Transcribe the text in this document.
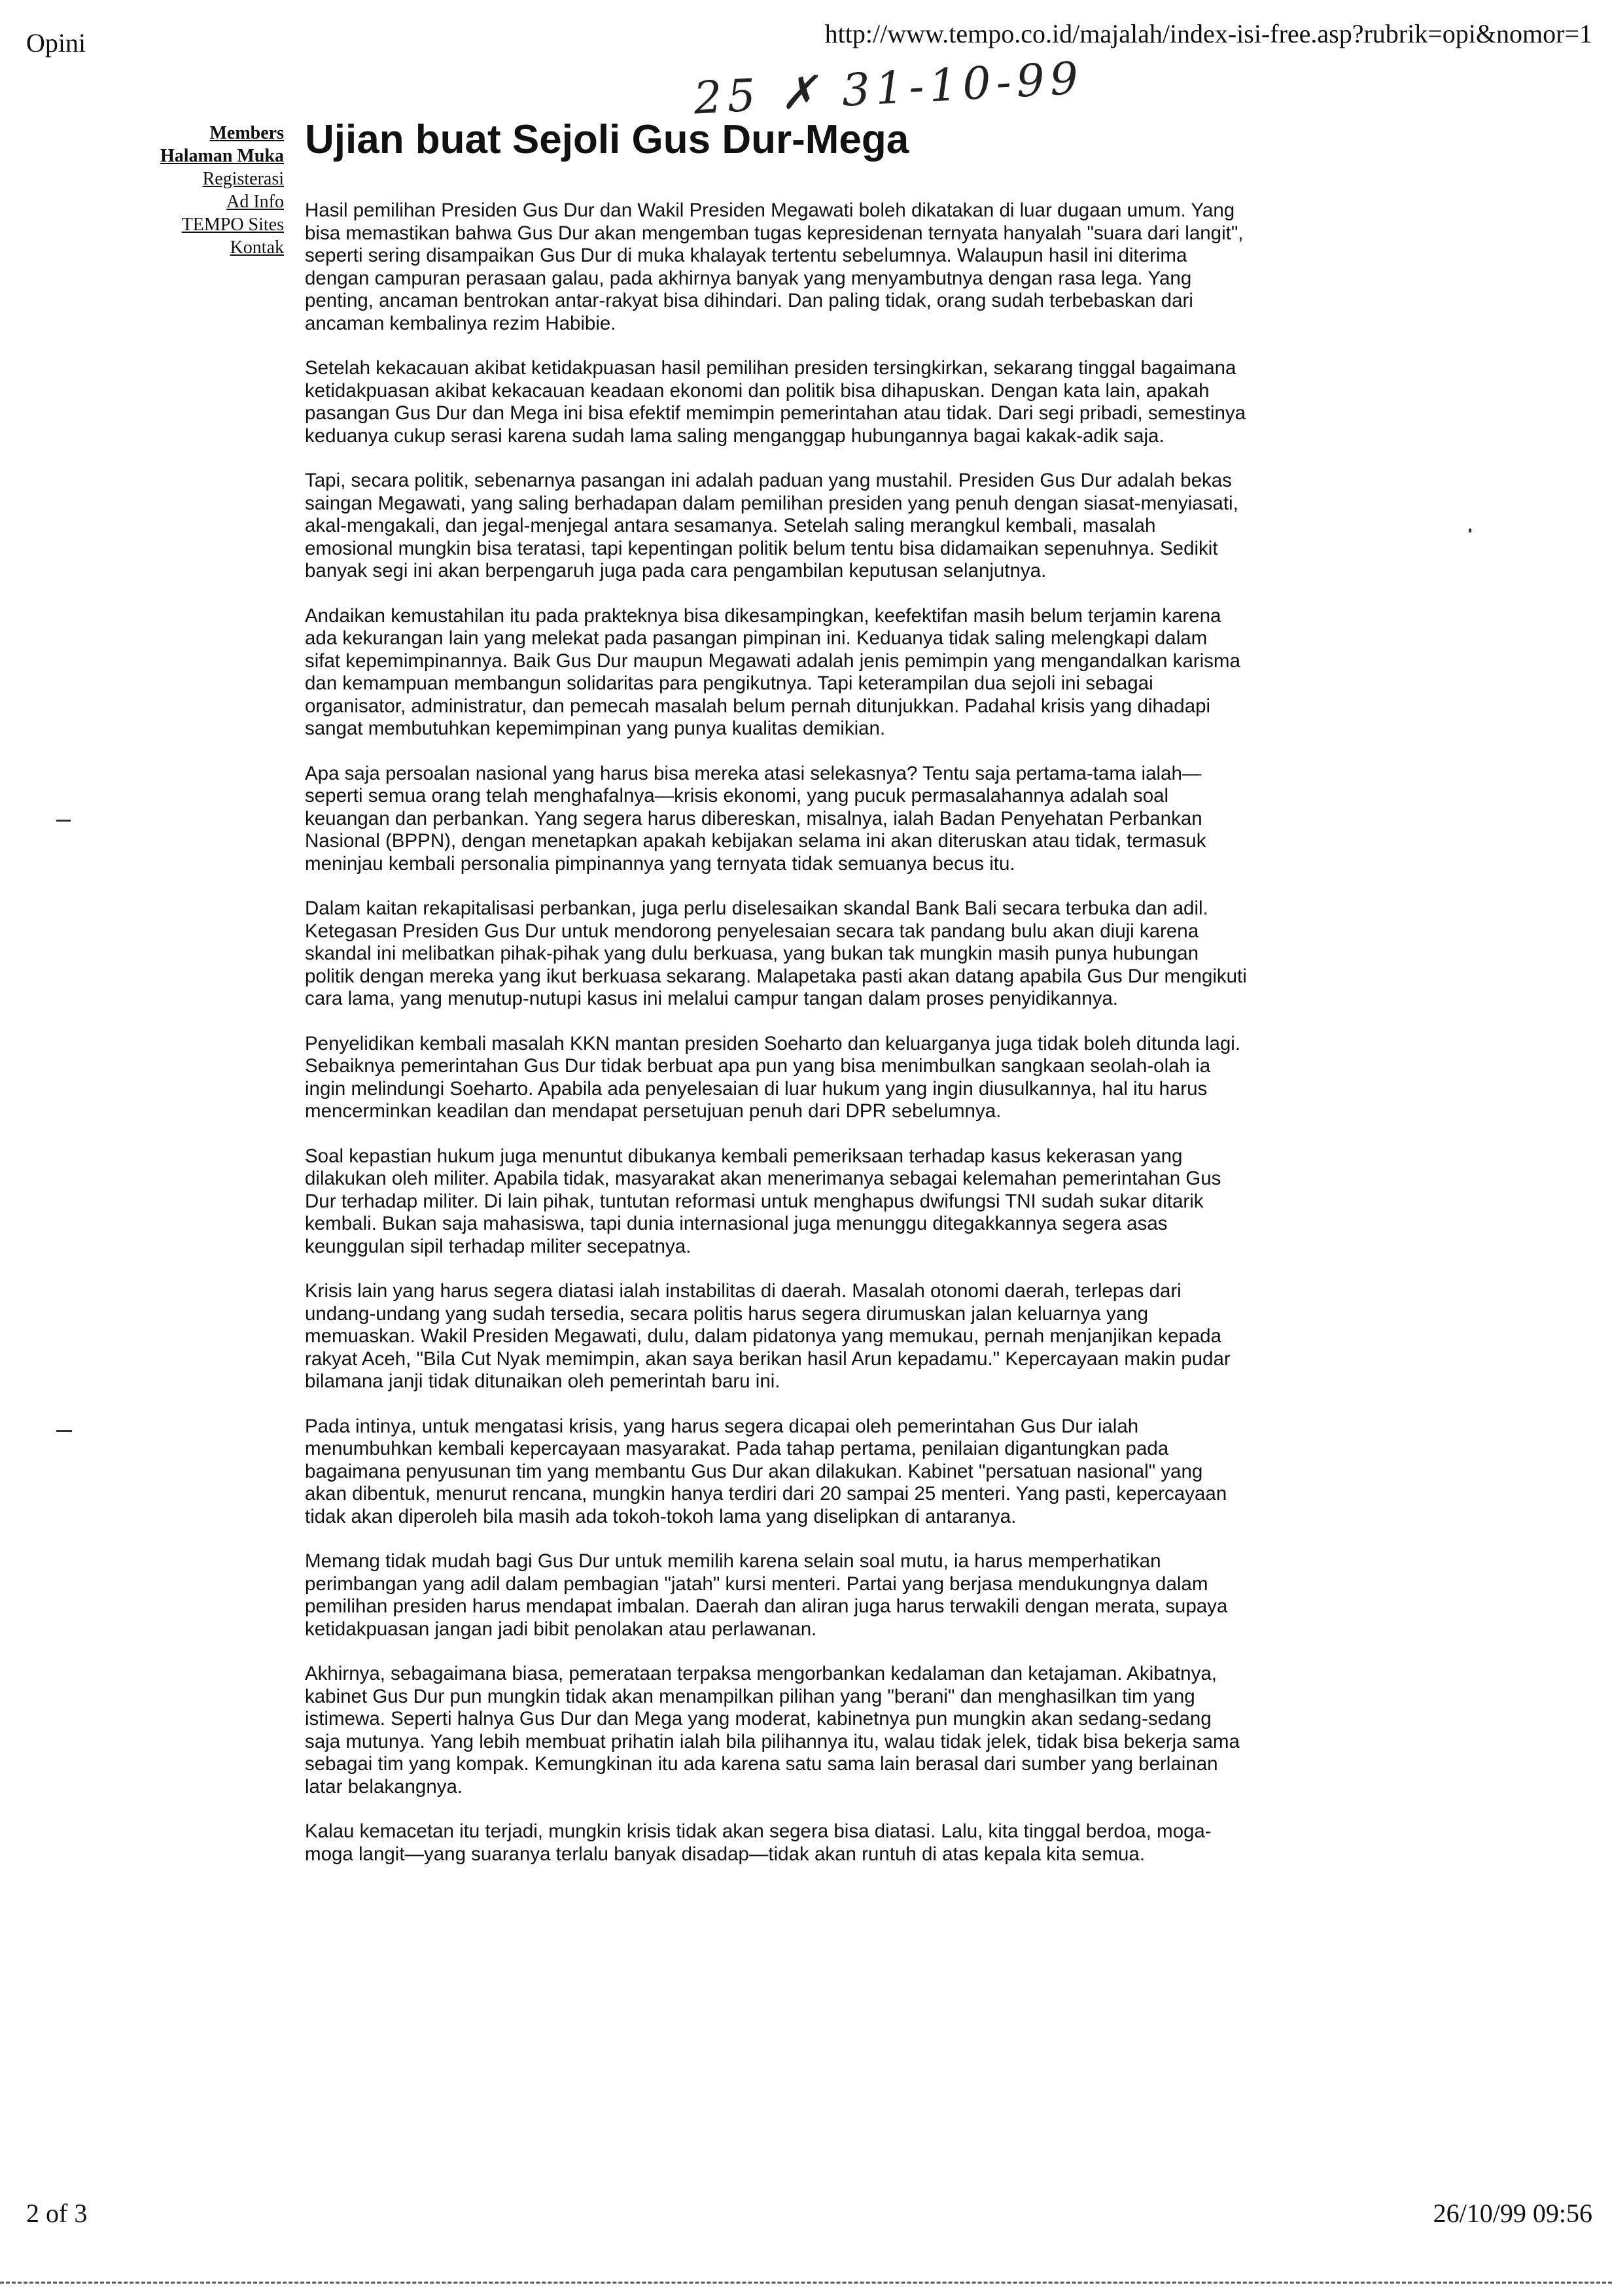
Opini	http://www.tempo.co.id/majalah/index-isi-free.asp?rubrik=opi&nomor=1
25 ✗ 31-10-99
Members
Halaman Muka
Registerasi
Ad Info
TEMPO Sites
Kontak
Ujian buat Sejoli Gus Dur-Mega

Hasil pemilihan Presiden Gus Dur dan Wakil Presiden Megawati boleh dikatakan di luar dugaan umum. Yang bisa memastikan bahwa Gus Dur akan mengemban tugas kepresidenan ternyata hanyalah "suara dari langit", seperti sering disampaikan Gus Dur di muka khalayak tertentu sebelumnya. Walaupun hasil ini diterima dengan campuran perasaan galau, pada akhirnya banyak yang menyambutnya dengan rasa lega. Yang penting, ancaman bentrokan antar-rakyat bisa dihindari. Dan paling tidak, orang sudah terbebaskan dari ancaman kembalinya rezim Habibie.

Setelah kekacauan akibat ketidakpuasan hasil pemilihan presiden tersingkirkan, sekarang tinggal bagaimana ketidakpuasan akibat kekacauan keadaan ekonomi dan politik bisa dihapuskan. Dengan kata lain, apakah pasangan Gus Dur dan Mega ini bisa efektif memimpin pemerintahan atau tidak. Dari segi pribadi, semestinya keduanya cukup serasi karena sudah lama saling menganggap hubungannya bagai kakak-adik saja.

Tapi, secara politik, sebenarnya pasangan ini adalah paduan yang mustahil. Presiden Gus Dur adalah bekas saingan Megawati, yang saling berhadapan dalam pemilihan presiden yang penuh dengan siasat-menyiasati, akal-mengakali, dan jegal-menjegal antara sesamanya. Setelah saling merangkul kembali, masalah emosional mungkin bisa teratasi, tapi kepentingan politik belum tentu bisa didamaikan sepenuhnya. Sedikit banyak segi ini akan berpengaruh juga pada cara pengambilan keputusan selanjutnya.

Andaikan kemustahilan itu pada prakteknya bisa dikesampingkan, keefektifan masih belum terjamin karena ada kekurangan lain yang melekat pada pasangan pimpinan ini. Keduanya tidak saling melengkapi dalam sifat kepemimpinannya. Baik Gus Dur maupun Megawati adalah jenis pemimpin yang mengandalkan karisma dan kemampuan membangun solidaritas para pengikutnya. Tapi keterampilan dua sejoli ini sebagai organisator, administratur, dan pemecah masalah belum pernah ditunjukkan. Padahal krisis yang dihadapi sangat membutuhkan kepemimpinan yang punya kualitas demikian.

Apa saja persoalan nasional yang harus bisa mereka atasi selekasnya? Tentu saja pertama-tama ialah—seperti semua orang telah menghafalnya—krisis ekonomi, yang pucuk permasalahannya adalah soal keuangan dan perbankan. Yang segera harus dibereskan, misalnya, ialah Badan Penyehatan Perbankan Nasional (BPPN), dengan menetapkan apakah kebijakan selama ini akan diteruskan atau tidak, termasuk meninjau kembali personalia pimpinannya yang ternyata tidak semuanya becus itu.

Dalam kaitan rekapitalisasi perbankan, juga perlu diselesaikan skandal Bank Bali secara terbuka dan adil. Ketegasan Presiden Gus Dur untuk mendorong penyelesaian secara tak pandang bulu akan diuji karena skandal ini melibatkan pihak-pihak yang dulu berkuasa, yang bukan tak mungkin masih punya hubungan politik dengan mereka yang ikut berkuasa sekarang. Malapetaka pasti akan datang apabila Gus Dur mengikuti cara lama, yang menutup-nutupi kasus ini melalui campur tangan dalam proses penyidikannya.

Penyelidikan kembali masalah KKN mantan presiden Soeharto dan keluarganya juga tidak boleh ditunda lagi. Sebaiknya pemerintahan Gus Dur tidak berbuat apa pun yang bisa menimbulkan sangkaan seolah-olah ia ingin melindungi Soeharto. Apabila ada penyelesaian di luar hukum yang ingin diusulkannya, hal itu harus mencerminkan keadilan dan mendapat persetujuan penuh dari DPR sebelumnya.

Soal kepastian hukum juga menuntut dibukanya kembali pemeriksaan terhadap kasus kekerasan yang dilakukan oleh militer. Apabila tidak, masyarakat akan menerimanya sebagai kelemahan pemerintahan Gus Dur terhadap militer. Di lain pihak, tuntutan reformasi untuk menghapus dwifungsi TNI sudah sukar ditarik kembali. Bukan saja mahasiswa, tapi dunia internasional juga menunggu ditegakkannya segera asas keunggulan sipil terhadap militer secepatnya.

Krisis lain yang harus segera diatasi ialah instabilitas di daerah. Masalah otonomi daerah, terlepas dari undang-undang yang sudah tersedia, secara politis harus segera dirumuskan jalan keluarnya yang memuaskan. Wakil Presiden Megawati, dulu, dalam pidatonya yang memukau, pernah menjanjikan kepada rakyat Aceh, "Bila Cut Nyak memimpin, akan saya berikan hasil Arun kepadamu." Kepercayaan makin pudar bilamana janji tidak ditunaikan oleh pemerintah baru ini.

Pada intinya, untuk mengatasi krisis, yang harus segera dicapai oleh pemerintahan Gus Dur ialah menumbuhkan kembali kepercayaan masyarakat. Pada tahap pertama, penilaian digantungkan pada bagaimana penyusunan tim yang membantu Gus Dur akan dilakukan. Kabinet "persatuan nasional" yang akan dibentuk, menurut rencana, mungkin hanya terdiri dari 20 sampai 25 menteri. Yang pasti, kepercayaan tidak akan diperoleh bila masih ada tokoh-tokoh lama yang diselipkan di antaranya.

Memang tidak mudah bagi Gus Dur untuk memilih karena selain soal mutu, ia harus memperhatikan perimbangan yang adil dalam pembagian "jatah" kursi menteri. Partai yang berjasa mendukungnya dalam pemilihan presiden harus mendapat imbalan. Daerah dan aliran juga harus terwakili dengan merata, supaya ketidakpuasan jangan jadi bibit penolakan atau perlawanan.

Akhirnya, sebagaimana biasa, pemerataan terpaksa mengorbankan kedalaman dan ketajaman. Akibatnya, kabinet Gus Dur pun mungkin tidak akan menampilkan pilihan yang "berani" dan menghasilkan tim yang istimewa. Seperti halnya Gus Dur dan Mega yang moderat, kabinetnya pun mungkin akan sedang-sedang saja mutunya. Yang lebih membuat prihatin ialah bila pilihannya itu, walau tidak jelek, tidak bisa bekerja sama sebagai tim yang kompak. Kemungkinan itu ada karena satu sama lain berasal dari sumber yang berlainan latar belakangnya.

Kalau kemacetan itu terjadi, mungkin krisis tidak akan segera bisa diatasi. Lalu, kita tinggal berdoa, moga-moga langit—yang suaranya terlalu banyak disadap—tidak akan runtuh di atas kepala kita semua.

2 of 3	26/10/99 09:56
